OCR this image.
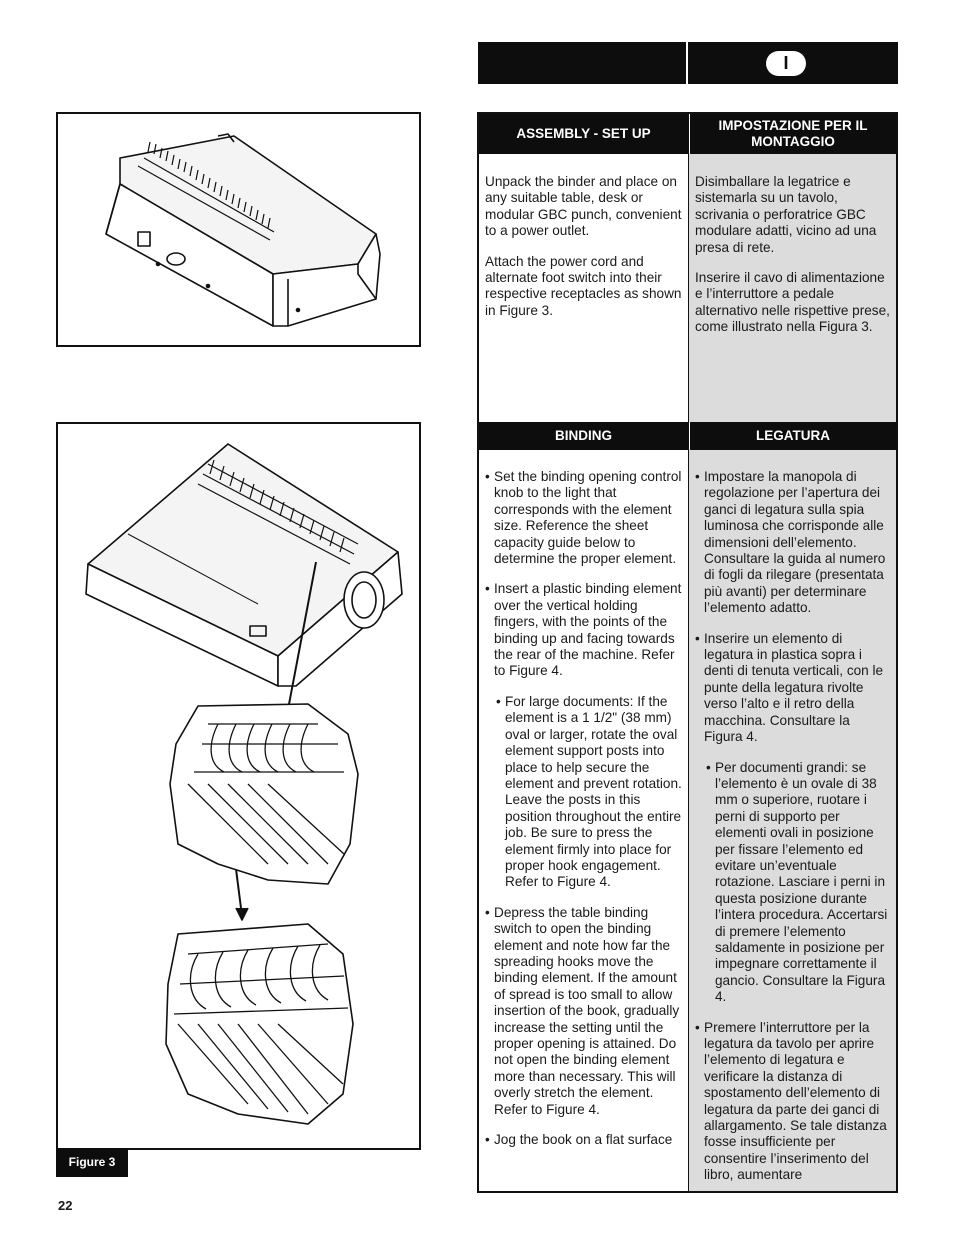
I
Figure 3
22
ASSEMBLY - SET UP

Unpack the binder and place on any suitable table, desk or modular GBC punch, convenient to a power outlet.

Attach the power cord and alternate foot switch into their respective receptacles as shown in Figure 3.

BINDING
• Set the binding opening control knob to the light that corresponds with the element size. Reference the sheet capacity guide below to determine the proper element.
• Insert a plastic binding element over the vertical holding fingers, with the points of the binding up and facing towards the rear of the machine. Refer to Figure 4.
• For large documents: If the element is a 1 1/2" (38 mm) oval or larger, rotate the oval element support posts into place to help secure the element and prevent rotation. Leave the posts in this position throughout the entire job. Be sure to press the element firmly into place for proper hook engagement. Refer to Figure 4.
• Depress the table binding switch to open the binding element and note how far the spreading hooks move the binding element. If the amount of spread is too small to allow insertion of the book, gradually increase the setting until the proper opening is attained. Do not open the binding element more than necessary. This will overly stretch the element. Refer to Figure 4.
• Jog the book on a flat surface
IMPOSTAZIONE PER IL MONTAGGIO

Disimballare la legatrice e sistemarla su un tavolo, scrivania o perforatrice GBC modulare adatti, vicino ad una presa di rete.

Inserire il cavo di alimentazione e l’interruttore a pedale alternativo nelle rispettive prese, come illustrato nella Figura 3.

LEGATURA
• Impostare la manopola di regolazione per l’apertura dei ganci di legatura sulla spia luminosa che corrisponde alle dimensioni dell’elemento. Consultare la guida al numero di fogli da rilegare (presentata più avanti) per determinare l’elemento adatto.
• Inserire un elemento di legatura in plastica sopra i denti di tenuta verticali, con le punte della legatura rivolte verso l’alto e il retro della macchina. Consultare la Figura 4.
• Per documenti grandi: se l’elemento è un ovale di 38 mm o superiore, ruotare i perni di supporto per elementi ovali in posizione per fissare l’elemento ed evitare un’eventuale rotazione. Lasciare i perni in questa posizione durante l’intera procedura. Accertarsi di premere l’elemento saldamente in posizione per impegnare correttamente il gancio. Consultare la Figura 4.
• Premere l’interruttore per la legatura da tavolo per aprire l’elemento di legatura e verificare la distanza di spostamento dell’elemento di legatura da parte dei ganci di allargamento. Se tale distanza fosse insufficiente per consentire l’inserimento del libro, aumentare
